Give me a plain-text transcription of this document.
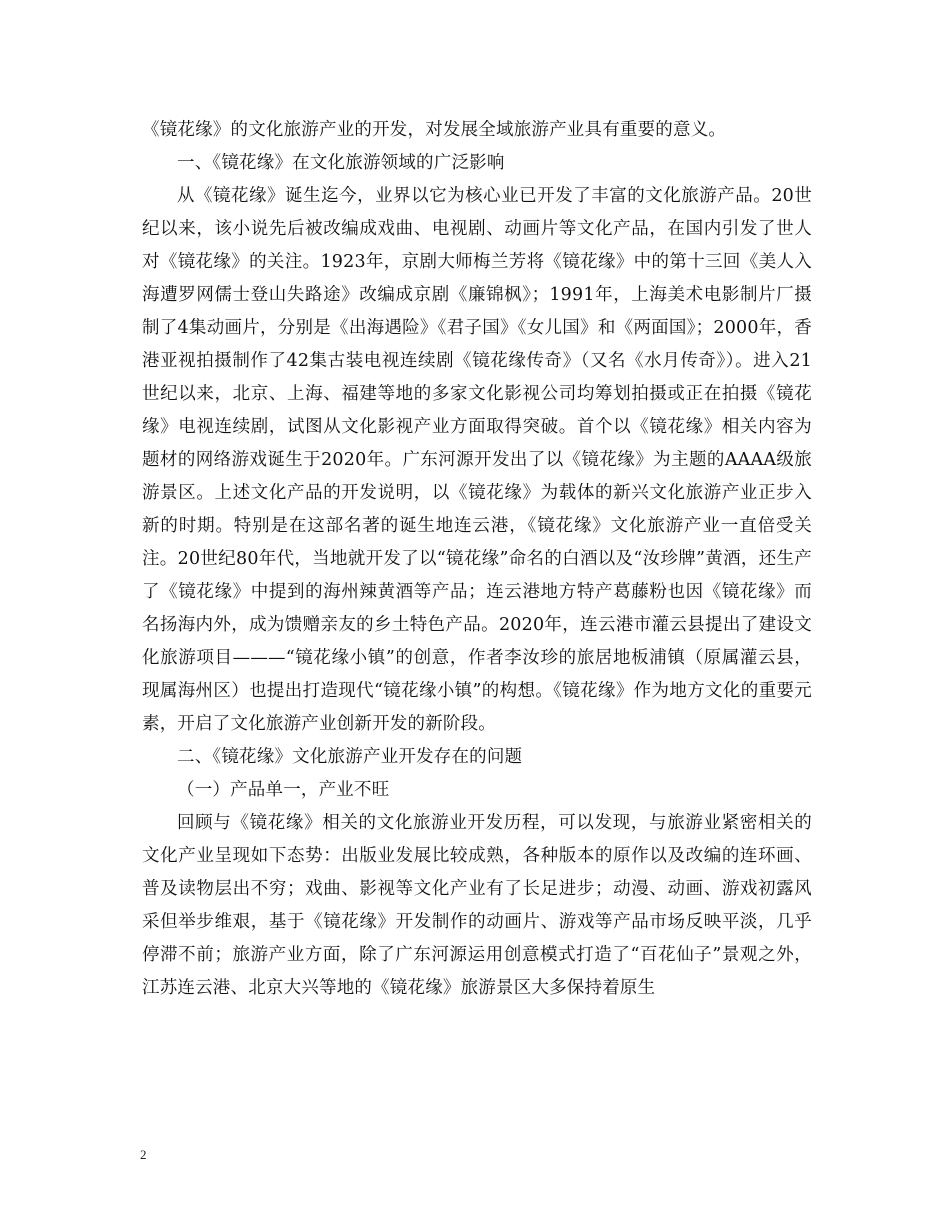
《镜花缘》的文化旅游产业的开发，对发展全域旅游产业具有重要的意义。

一、《镜花缘》在文化旅游领域的广泛影响

从《镜花缘》诞生迄今，业界以它为核心业已开发了丰富的文化旅游产品。20世纪以来，该小说先后被改编成戏曲、电视剧、动画片等文化产品，在国内引发了世人对《镜花缘》的关注。1923年，京剧大师梅兰芳将《镜花缘》中的第十三回《美人入海遭罗网儒士登山失路途》改编成京剧《廉锦枫》；1991年，上海美术电影制片厂摄制了4集动画片，分别是《出海遇险》《君子国》《女儿国》和《两面国》；2000年，香港亚视拍摄制作了42集古装电视连续剧《镜花缘传奇》（又名《水月传奇》）。进入21世纪以来，北京、上海、福建等地的多家文化影视公司均筹划拍摄或正在拍摄《镜花缘》电视连续剧，试图从文化影视产业方面取得突破。首个以《镜花缘》相关内容为题材的网络游戏诞生于2020年。广东河源开发出了以《镜花缘》为主题的AAAA级旅游景区。上述文化产品的开发说明，以《镜花缘》为载体的新兴文化旅游产业正步入新的时期。特别是在这部名著的诞生地连云港，《镜花缘》文化旅游产业一直倍受关注。20世纪80年代，当地就开发了以“镜花缘”命名的白酒以及“汝珍牌”黄酒，还生产了《镜花缘》中提到的海州辣黄酒等产品；连云港地方特产葛藤粉也因《镜花缘》而名扬海内外，成为馈赠亲友的乡土特色产品。2020年，连云港市灌云县提出了建设文化旅游项目———“镜花缘小镇”的创意，作者李汝珍的旅居地板浦镇（原属灌云县，现属海州区）也提出打造现代“镜花缘小镇”的构想。《镜花缘》作为地方文化的重要元素，开启了文化旅游产业创新开发的新阶段。

二、《镜花缘》文化旅游产业开发存在的问题

（一）产品单一，产业不旺

回顾与《镜花缘》相关的文化旅游业开发历程，可以发现，与旅游业紧密相关的文化产业呈现如下态势：出版业发展比较成熟，各种版本的原作以及改编的连环画、普及读物层出不穷；戏曲、影视等文化产业有了长足进步；动漫、动画、游戏初露风采但举步维艰，基于《镜花缘》开发制作的动画片、游戏等产品市场反映平淡，几乎停滞不前；旅游产业方面，除了广东河源运用创意模式打造了“百花仙子”景观之外，江苏连云港、北京大兴等地的《镜花缘》旅游景区大多保持着原生

2
